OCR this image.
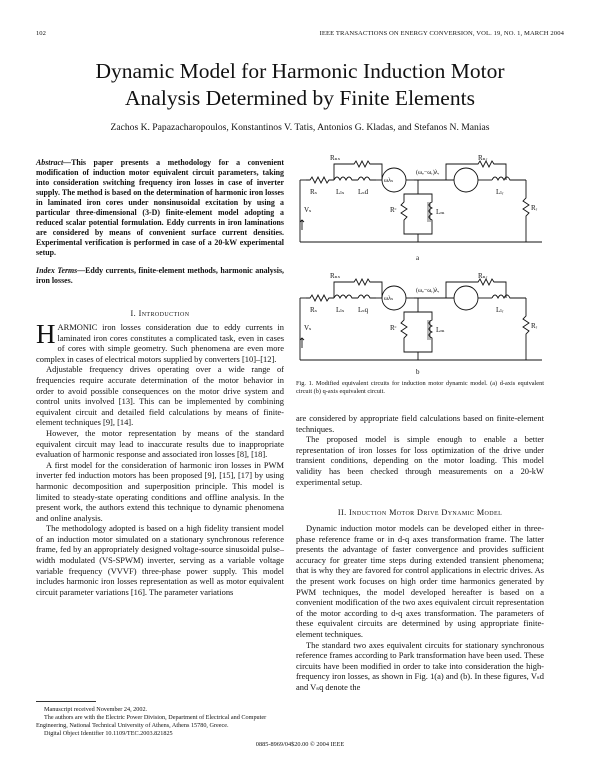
102	IEEE TRANSACTIONS ON ENERGY CONVERSION, VOL. 19, NO. 1, MARCH 2004
Dynamic Model for Harmonic Induction Motor
Analysis Determined by Finite Elements
Zachos K. Papazacharopoulos, Konstantinos V. Tatis, Antonios G. Kladas, and Stefanos N. Manias
Abstract—This paper presents a methodology for a convenient modification of induction motor equivalent circuit parameters, taking into consideration switching frequency iron losses in case of inverter supply. The method is based on the determination of harmonic iron losses in laminated iron cores under nonsinusoidal excitation by using a particular three-dimensional (3-D) finite-element model adopting a reduced scalar potential formulation. Eddy currents in iron laminations are considered by means of convenient surface current densities. Experimental verification is performed in case of a 20-kW experimental setup.
Index Terms—Eddy currents, finite-element methods, harmonic analysis, iron losses.
I. Introduction

HARMONIC iron losses consideration due to eddy currents in laminated iron cores constitutes a complicated task, even in cases of cores with simple geometry. Such phenomena are even more complex in cases of electrical motors supplied by converters [10]–[12].

Adjustable frequency drives operating over a wide range of frequencies require accurate determination of the motor behavior in order to avoid possible consequences on the motor drive system and control units involved [13]. This can be implemented by combining equivalent circuit and detailed field calculations by means of finite-element techniques [9], [14].

However, the motor representation by means of the standard equivalent circuit may lead to inaccurate results due to inappropriate evaluation of harmonic response and associated iron losses [8], [18].

A first model for the consideration of harmonic iron losses in PWM inverter fed induction motors has been proposed [9], [15], [17] by using harmonic decomposition and superposition principle. This model is limited to steady-state operating conditions and offline analysis. In the present work, the authors extend this technique to dynamic phenomena and online analysis.

The methodology adopted is based on a high fidelity transient model of an induction motor simulated on a stationary synchronous reference frame, fed by an appropriately designed voltage-source sinusoidal pulse–width modulated (VS-SPWM) inverter, serving as a variable voltage variable frequency (VVVF) three-phase power supply. This model includes harmonic iron losses representation as well as motor equivalent circuit parameter variations [16]. The parameter variations

Manuscript received November 24, 2002.

The authors are with the Electric Power Division, Department of Electrical and Computer Engineering, National Technical University of Athens, Athens 15780, Greece.

Digital Object Identifier 10.1109/TEC.2003.821825

Rₙₛ	Rₙᵣ
Rₛ	Lₗₛ Lₛd
ωλₛ
(ωₑ−ωᵣ)λᵣ
Rᶜ	Lₘ
Lₗᵣ
Rᵣ
Vₛ
a
Rₙₛ	Rₙᵣ
Rₛ	Lₗₛ Lₛq
ωλₛ
(ωₑ−ωᵣ)λᵣ
Rᶜ	Lₘ
Lₗᵣ
Rᵣ
Vₛ
b
Fig. 1. Modified equivalent circuits for induction motor dynamic model. (a) d-axis equivalent circuit (b) q-axis equivalent circuit.

are considered by appropriate field calculations based on finite-element techniques.

The proposed model is simple enough to enable a better representation of iron losses for loss optimization of the drive under transient conditions, depending on the motor loading. This model validity has been checked through measurements on a 20-kW experimental setup.

II. Induction Motor Drive Dynamic Model

Dynamic induction motor models can be developed either in three-phase reference frame or in d-q axes transformation frame. The latter presents the advantage of faster convergence and provides sufficient accuracy for greater time steps during extended transient phenomena; that is why they are favored for control applications in electric drives. As the present work focuses on high order time harmonics generated by PWM techniques, the model developed hereafter is based on a convenient modification of the two axes equivalent circuit representation of the motor according to d-q axes transformation. The parameters of these equivalent circuits are determined by using appropriate finite-element techniques.

The standard two axes equivalent circuits for stationary synchronous reference frames according to Park transformation have been used. These circuits have been modified in order to take into consideration the high-frequency iron losses, as shown in Fig. 1(a) and (b). In these figures, Vₛd and Vₛq denote the

0885-8969/04$20.00 © 2004 IEEE
